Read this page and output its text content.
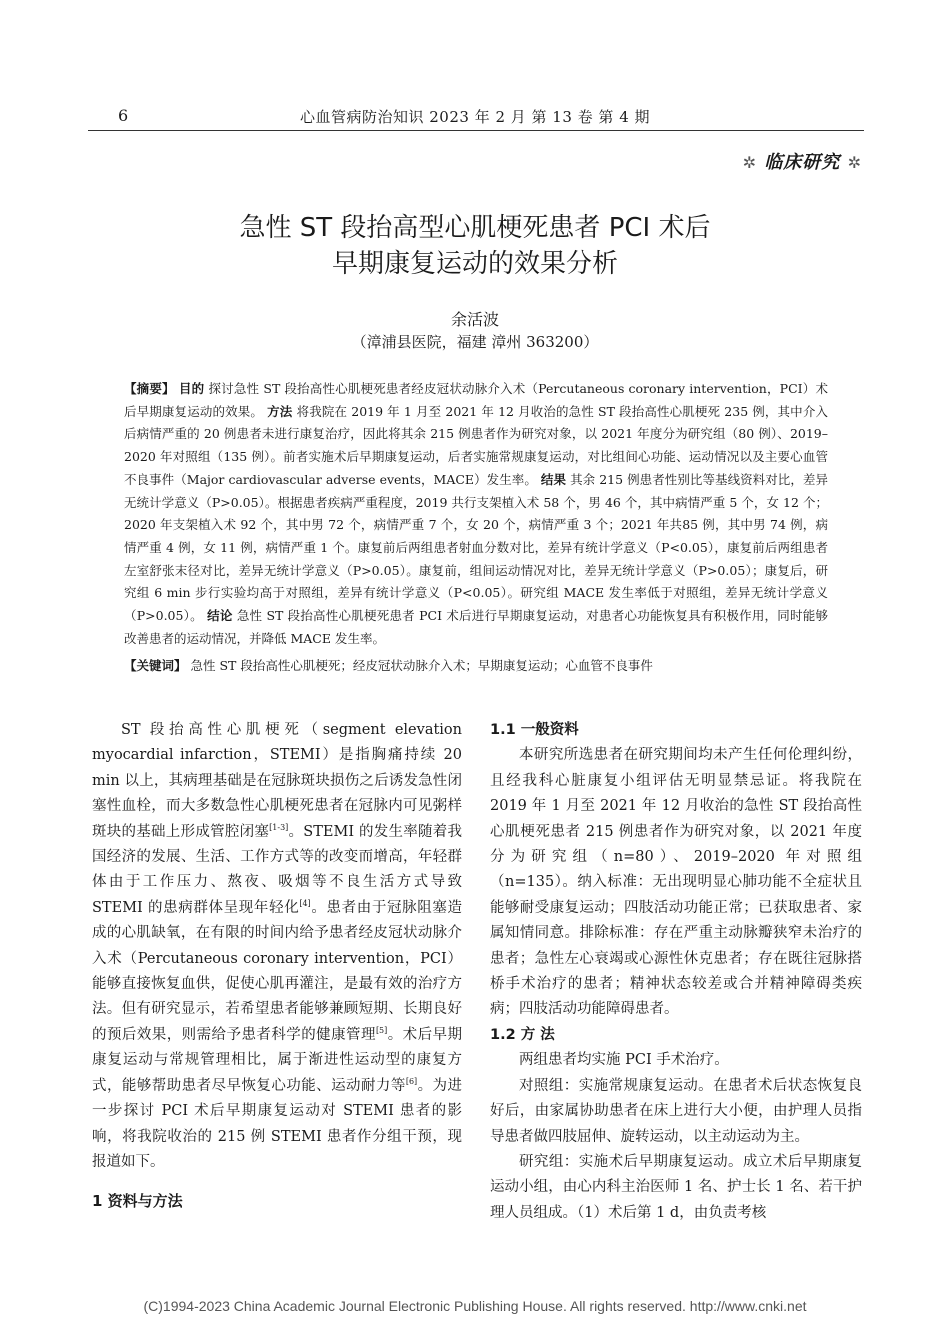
6	心血管病防治知识 2023 年 2 月 第 13 卷 第 4 期
✲ 临床研究 ✲
急性 ST 段抬高型心肌梗死患者 PCI 术后
早期康复运动的效果分析
余活波
（漳浦县医院，福建 漳州 363200）
【摘要】 目的 探讨急性 ST 段抬高性心肌梗死患者经皮冠状动脉介入术（Percutaneous coronary intervention，PCI）术后早期康复运动的效果。 方法 将我院在 2019 年 1 月至 2021 年 12 月收治的急性 ST 段抬高性心肌梗死 235 例，其中介入后病情严重的 20 例患者未进行康复治疗，因此将其余 215 例患者作为研究对象，以 2021 年度分为研究组（80 例）、2019–2020 年对照组（135 例）。前者实施术后早期康复运动，后者实施常规康复运动，对比组间心功能、运动情况以及主要心血管不良事件（Major cardiovascular adverse events，MACE）发生率。 结果 其余 215 例患者性别比等基线资料对比，差异无统计学意义（P>0.05）。根据患者疾病严重程度，2019 共行支架植入术 58 个，男 46 个，其中病情严重 5 个，女 12 个；2020 年支架植入术 92 个，其中男 72 个，病情严重 7 个，女 20 个，病情严重 3 个；2021 年共85 例，其中男 74 例，病情严重 4 例，女 11 例，病情严重 1 个。康复前后两组患者射血分数对比，差异有统计学意义（P<0.05），康复前后两组患者左室舒张末径对比，差异无统计学意义（P>0.05）。康复前，组间运动情况对比，差异无统计学意义（P>0.05）；康复后，研究组 6 min 步行实验均高于对照组，差异有统计学意义（P<0.05）。研究组 MACE 发生率低于对照组，差异无统计学意义（P>0.05）。 结论 急性 ST 段抬高性心肌梗死患者 PCI 术后进行早期康复运动，对患者心功能恢复具有积极作用，同时能够改善患者的运动情况，并降低 MACE 发生率。
【关键词】 急性 ST 段抬高性心肌梗死；经皮冠状动脉介入术；早期康复运动；心血管不良事件

ST 段抬高性心肌梗死（segment elevation myocardial infarction，STEMI）是指胸痛持续 20 min 以上，其病理基础是在冠脉斑块损伤之后诱发急性闭塞性血栓，而大多数急性心肌梗死患者在冠脉内可见粥样斑块的基础上形成管腔闭塞[1-3]。STEMI 的发生率随着我国经济的发展、生活、工作方式等的改变而增高，年轻群体由于工作压力、熬夜、吸烟等不良生活方式导致 STEMI 的患病群体呈现年轻化[4]。患者由于冠脉阻塞造成的心肌缺氧，在有限的时间内给予患者经皮冠状动脉介入术（Percutaneous coronary intervention，PCI）能够直接恢复血供，促使心肌再灌注，是最有效的治疗方法。但有研究显示，若希望患者能够兼顾短期、长期良好的预后效果，则需给予患者科学的健康管理[5]。术后早期康复运动与常规管理相比，属于渐进性运动型的康复方式，能够帮助患者尽早恢复心功能、运动耐力等[6]。为进一步探讨 PCI 术后早期康复运动对 STEMI 患者的影响，将我院收治的 215 例 STEMI 患者作分组干预，现报道如下。

1 资料与方法
1.1 一般资料

本研究所选患者在研究期间均未产生任何伦理纠纷，且经我科心脏康复小组评估无明显禁忌证。将我院在 2019 年 1 月至 2021 年 12 月收治的急性 ST 段抬高性心肌梗死患者 215 例患者作为研究对象，以 2021 年度分为研究组（n=80）、2019–2020 年对照组（n=135）。纳入标准：无出现明显心肺功能不全症状且能够耐受康复运动；四肢活动功能正常；已获取患者、家属知情同意。排除标准：存在严重主动脉瓣狭窄未治疗的患者；急性左心衰竭或心源性休克患者；存在既往冠脉搭桥手术治疗的患者；精神状态较差或合并精神障碍类疾病；四肢活动功能障碍患者。

1.2 方 法

两组患者均实施 PCI 手术治疗。

对照组：实施常规康复运动。在患者术后状态恢复良好后，由家属协助患者在床上进行大小便，由护理人员指导患者做四肢屈伸、旋转运动，以主动运动为主。

研究组：实施术后早期康复运动。成立术后早期康复运动小组，由心内科主治医师 1 名、护士长 1 名、若干护理人员组成。（1）术后第 1 d，由负责考核

(C)1994-2023 China Academic Journal Electronic Publishing House. All rights reserved. http://www.cnki.net
